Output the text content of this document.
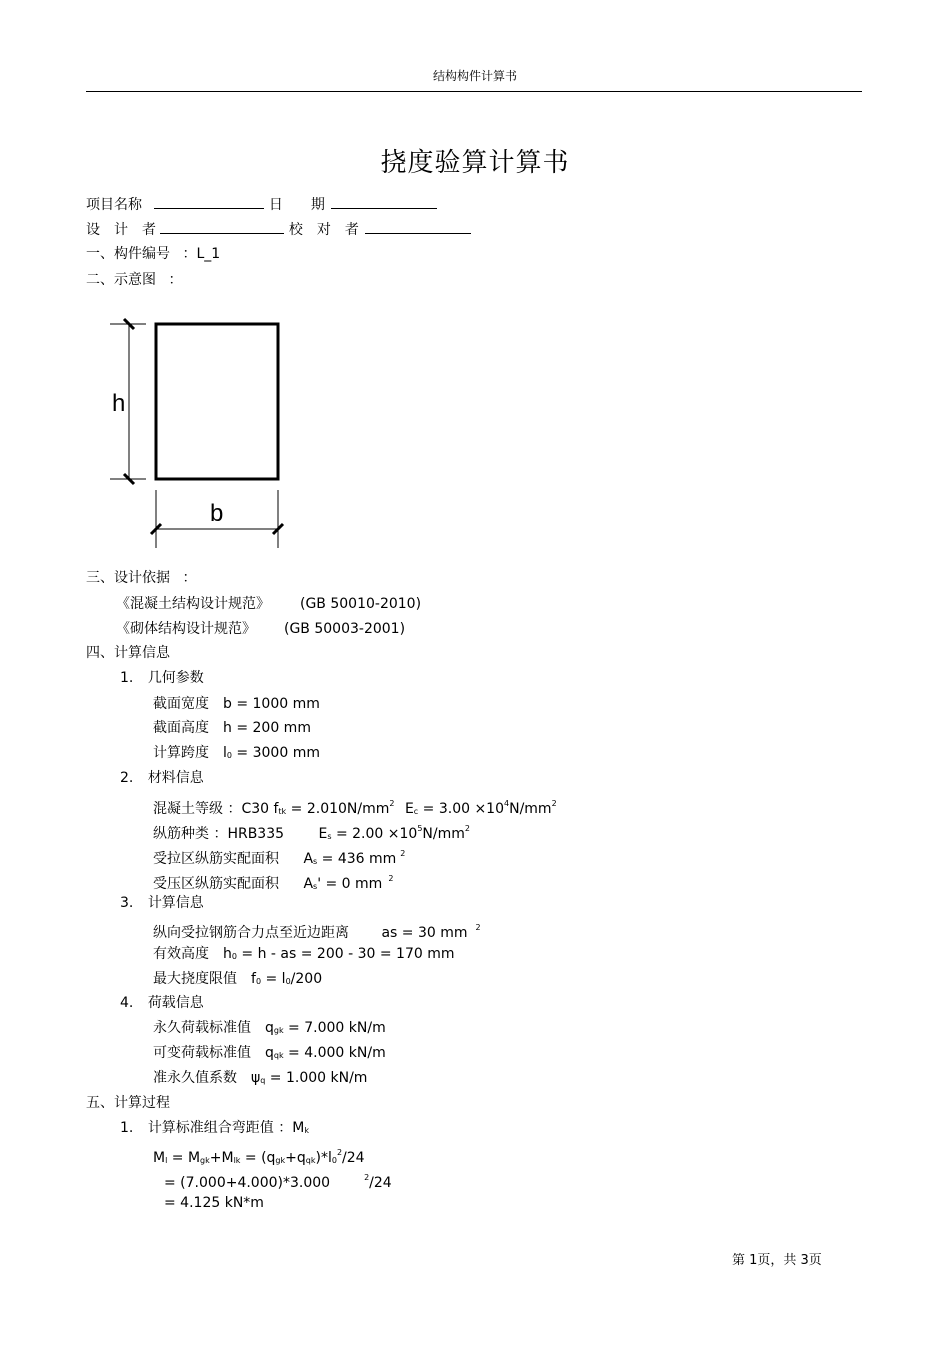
结构构件计算书
挠度验算计算书
项目名称	日　　期
设　计　者	校　对　者
一、构件编号 ：L_1
二、示意图 ：
h
b
三、设计依据 ：
《混凝土结构设计规范》 (GB 50010-2010)
《砌体结构设计规范》 (GB 50003-2001)
四、计算信息
1. 几何参数
截面宽度　b = 1000 mm
截面高度　h = 200 mm
计算跨度　$l_0 = 3000$ mm
2. 材料信息
混凝土等级 ：C30 $f_{tk} = 2.010N/mm^2$ $E_c = 3.00 \times 10^4N/mm^2$
纵筋种类 ：HRB335 $E_s = 2.00 \times 10^5N/mm^2$
受拉区纵筋实配面积 $A_s = 436$ mm $^2$
受压区纵筋实配面积 $A_s' = 0$ mm $^2$
3. 计算信息
纵向受拉钢筋合力点至近边距离 as = 30 mm $^2$
有效高度　$h_0 = h$ - as = 200 - 30 = 170 mm
最大挠度限值　$f_0 = l_0/200$
4. 荷载信息
永久荷载标准值　$q_{gk} = 7.000$ kN/m
可变荷载标准值　$q_{qk} = 4.000$ kN/m
准永久值系数　$\psi_q = 1.000$ kN/m
五、计算过程
1. 计算标准组合弯距值 ：$M_k$
$M_l = M_{gk}+M_{lk} = (q_{gk}+q_{qk})*l_0^2/24$
= (7.000+4.000)*3.000	$^2$/24
= 4.125 kN*m
第 1页，共 3页
